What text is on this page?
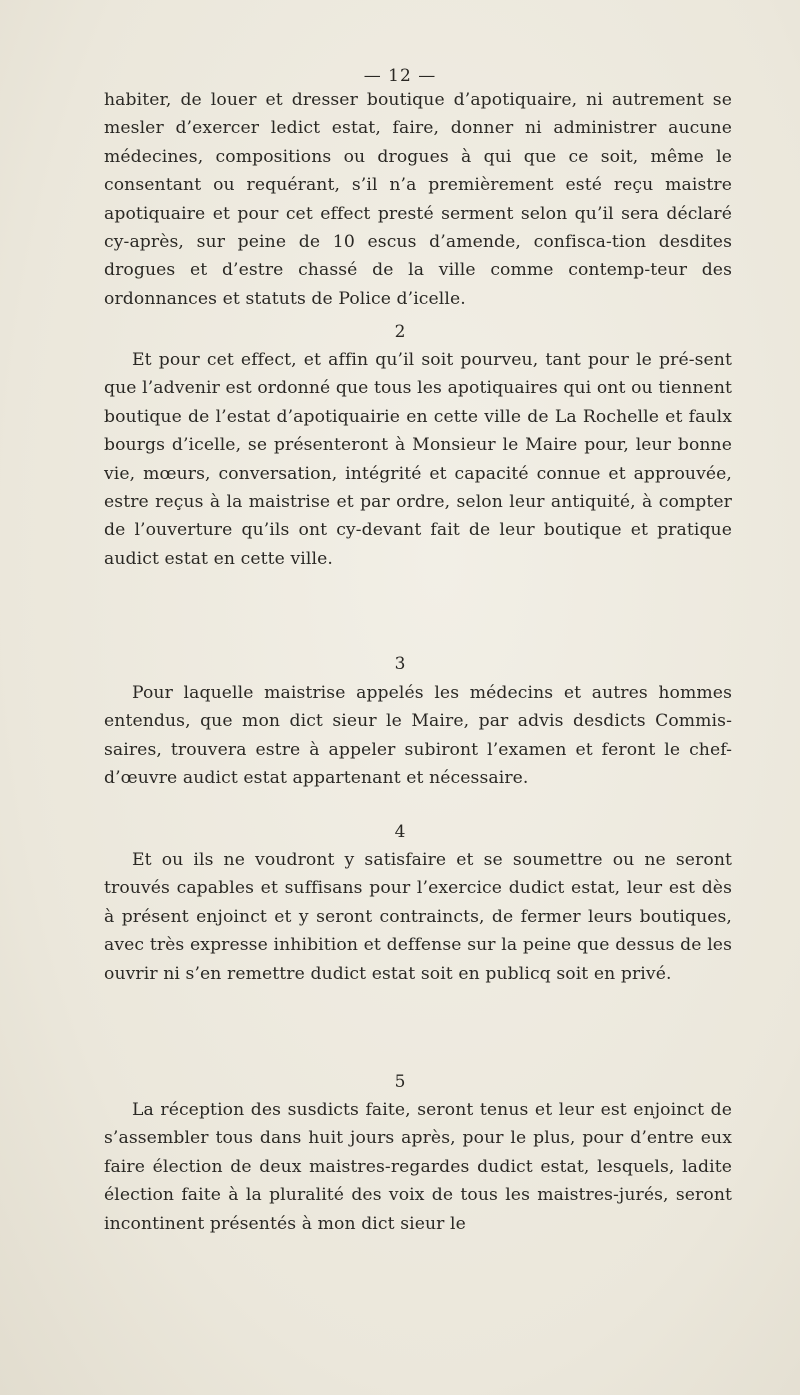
— 12 —

habiter, de louer et dresser boutique d’apotiquaire, ni autrement se mesler d’exercer ledict estat, faire, donner ni administrer aucune médecines, compositions ou drogues à qui que ce soit, même le consentant ou requérant, s’il n’a premièrement esté reçu maistre apotiquaire et pour cet effect presté serment selon qu’il sera déclaré cy-après, sur peine de 10 escus d’amende, confisca-tion desdites drogues et d’estre chassé de la ville comme contemp-teur des ordonnances et statuts de Police d’icelle.

2

Et pour cet effect, et affin qu’il soit pourveu, tant pour le pré-sent que l’advenir est ordonné que tous les apotiquaires qui ont ou tiennent boutique de l’estat d’apotiquairie en cette ville de La Rochelle et faulx bourgs d’icelle, se présenteront à Monsieur le Maire pour, leur bonne vie, mœurs, conversation, intégrité et capacité connue et approuvée, estre reçus à la maistrise et par ordre, selon leur antiquité, à compter de l’ouverture qu’ils ont cy-devant fait de leur boutique et pratique audict estat en cette ville.

3

Pour laquelle maistrise appelés les médecins et autres hommes entendus, que mon dict sieur le Maire, par advis desdicts Commis-saires, trouvera estre à appeler subiront l’examen et feront le chef-d’œuvre audict estat appartenant et nécessaire.

4

Et ou ils ne voudront y satisfaire et se soumettre ou ne seront trouvés capables et suffisans pour l’exercice dudict estat, leur est dès à présent enjoinct et y seront contraincts, de fermer leurs boutiques, avec très expresse inhibition et deffense sur la peine que dessus de les ouvrir ni s’en remettre dudict estat soit en publicq soit en privé.

5

La réception des susdicts faite, seront tenus et leur est enjoinct de s’assembler tous dans huit jours après, pour le plus, pour d’entre eux faire élection de deux maistres-regardes dudict estat, lesquels, ladite élection faite à la pluralité des voix de tous les maistres-jurés, seront incontinent présentés à mon dict sieur le
